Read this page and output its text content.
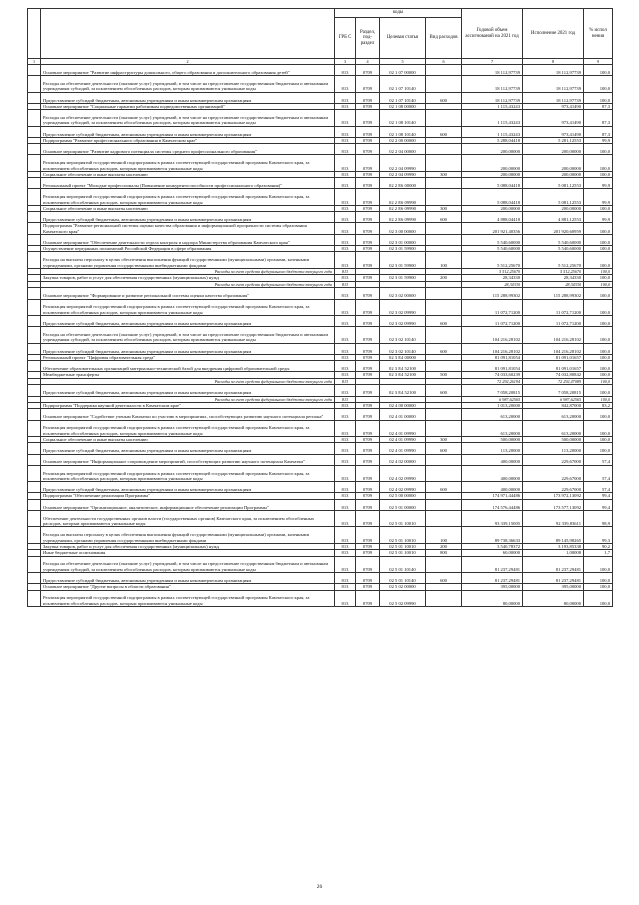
		коды				Годовой объем ассигнований на 2021 год	Исполнение 2021 год	% испол нения
		ГРБ С	Раздел, под-раздел	Целевая статья	Вид расходов			
1	2	3	4	5	6	7	8	9
	Основное мероприятие "Развитие инфраструктуры дошкольного, общего образования и дополнительного образования детей"	813	0709	02 1 07 00000		18 112,97739	18 112,97739	100,0
	Расходы на обеспечение деятельности (оказание услуг) учреждений, в том числе на предоставление государственным бюджетным и автономным учреждениям субсидий, за исключением обособленных расходов, которым присваиваются уникальные коды	813	0709	02 1 07 10140		18 112,97739	18 112,97739	100,0
	Предоставление субсидий бюджетным, автономным учреждениям и иным некоммерческим организациям	813	0709	02 1 07 10140	600	18 112,97739	18 112,97739	100,0
	Основное мероприятие "Социальные гарантии работникам подведомственных организаций"	813	0709	02 1 08 00000		1 115,43243	973,41490	87,3
	Расходы на обеспечение деятельности (оказание услуг) учреждений, в том числе на предоставление государственным бюджетным и автономным учреждениям субсидий, за исключением обособленных расходов, которым присваиваются уникальные коды	813	0709	02 1 08 10140		1 115,43243	973,41490	87,3
	Предоставление субсидий бюджетным, автономным учреждениям и иным некоммерческим организациям	813	0709	02 1 08 10140	600	1 115,43243	973,41490	87,3
	Подпрограмма "Развитие профессионального образования в Камчатском крае"	813	0709	02 2 00 00000		5 288,04418	5 281,12553	99,9
	Основное мероприятие "Развитие кадрового потенциала системы среднего профессионального образования"	813	0709	02 2 04 00000		200,00000	200,00000	100,0
	Реализация мероприятий государственной подпрограммы в рамках соответствующей государственной программы Камчатского края, за исключением обособленных расходов, которым присваиваются уникальные коды	813	0709	02 2 04 09990		200,00000	200,00000	100,0
	Социальное обеспечение и иные выплаты населению	813	0709	02 2 04 09990	300	200,00000	200,00000	100,0
	Региональный проект "Молодые профессионалы (Повышение конкурентоспособности профессионального образования)"	813	0709	02 2 E6 00000		5 088,04418	5 081,12553	99,9
	Реализация мероприятий государственной подпрограммы в рамках соответствующей государственной программы Камчатского края, за исключением обособленных расходов, которым присваиваются уникальные коды	813	0709	02 2 E6 09990		5 088,04418	5 081,12553	99,9
	Социальное обеспечение и иные выплаты населению	813	0709	02 2 E6 09990	300	200,00000	200,00000	100,0
	Предоставление субсидий бюджетным, автономным учреждениям и иным некоммерческим организациям	813	0709	02 2 E6 09990	600	4 888,04418	4 881,12553	99,9
	Подпрограмма "Развитие региональной системы оценки качества образования и информационной прозрачности системы образования Камчатского края"	813	0709	02 3 00 00000		201 921,40356	201 920,60959	100,0
	Основное мероприятие "Обеспечение деятельности отдела контроля и надзора Министерства образования Камчатского края"	813	0709	02 3 01 00000		5 540,60000	5 540,60000	100,0
	Осуществление переданных полномочий Российской Федерации в сфере образования	813	0709	02 3 01 59900		5 540,60000	5 540,60000	100,0
	Расходы на выплаты персоналу в целях обеспечения выполнения функций государственными (муниципальными) органами, казенными учреждениями, органами управления государственными внебюджетными фондами	813	0709	02 3 01 59900	100	5 512,25670	5 512,25670	100,0
	Расходы за счет средств федерального бюджета текущего года	813				5 512,25670	5 512,25670	100,0
	Закупка товаров, работ и услуг для обеспечения государственных (муниципальных) нужд	813	0709	02 3 01 59900	200	28,34330	28,34330	100,0
	Расходы за счет средств федерального бюджета текущего года	813				28,34330	28,34330	100,0
	Основное мероприятие "Формирование и развитие региональной системы оценки качества образования"	813	0709	02 3 02 00000		115 288,99302	115 288,99302	100,0
	Реализация мероприятий государственной подпрограммы в рамках соответствующей государственной программы Камчатского края, за исключением обособленных расходов, которым присваиваются уникальные коды	813	0709	02 3 02 09990		11 072,71200	11 072,71200	100,0
	Предоставление субсидий бюджетным, автономным учреждениям и иным некоммерческим организациям	813	0709	02 3 02 09990	600	11 072,71200	11 072,71200	100,0
	Расходы на обеспечение деятельности (оказание услуг) учреждений, в том числе на предоставление государственным бюджетным и автономным учреждениям субсидий, за исключением обособленных расходов, которым присваиваются уникальные коды	813	0709	02 3 02 10140		104 216,28102	104 216,28102	100,0
	Предоставление субсидий бюджетным, автономным учреждениям и иным некоммерческим организациям	813	0709	02 3 02 10140	600	104 216,28102	104 216,28102	100,0
	Региональный проект "Цифровая образовательная среда"	813	0709	02 3 E4 00000		81 091,81054	81 091,01657	100,0
	Обеспечение образовательных организаций материально-технической базой для внедрения цифровой образовательной среды	813	0709	02 3 E4 52100		81 091,81054	81 091,01657	100,0
	Межбюджетные трансферты	813	0709	02 3 E4 52100	500	74 033,60239	74 032,80842	100,0
	Расходы за счет средств федерального бюджета текущего года	813				72 292,26194	72 292,47089	100,0
	Предоставление субсидий бюджетным, автономным учреждениям и иным некоммерческим организациям	813	0709	02 3 E4 52100	600	7 058,20815	7 058,20815	100,0
	Расходы за счет средств федерального бюджета текущего года	813				6 987,62565	6 987,62565	100,0
	Подпрограмма "Поддержка научной деятельности в Камчатском крае"	813	0709	02 4 00 00000		1 013,20000	842,87000	83,2
	Основное мероприятие "Содействие ученым Камчатки по участию в мероприятиях, способствующих развитию научного потенциала региона"	813	0709	02 4 01 00000		613,20000	613,20000	100,0
	Реализация мероприятий государственной подпрограммы в рамках соответствующей государственной программы Камчатского края, за исключением обособленных расходов, которым присваиваются уникальные коды	813	0709	02 4 01 09990		613,20000	613,20000	100,0
	Социальное обеспечение и иные выплаты населению	813	0709	02 4 01 09990	300	500,00000	500,00000	100,0
	Предоставление субсидий бюджетным, автономным учреждениям и иным некоммерческим организациям	813	0709	02 4 01 09990	600	113,20000	113,20000	100,0
	Основное мероприятие "Информационное сопровождение мероприятий, способствующих развитию научного потенциала Камчатки"	813	0709	02 4 02 00000		400,00000	229,67000	57,4
	Реализация мероприятий государственной подпрограммы в рамках соответствующей государственной программы Камчатского края, за исключением обособленных расходов, которым присваиваются уникальные коды	813	0709	02 4 02 09990		400,00000	229,67000	57,4
	Предоставление субсидий бюджетным, автономным учреждениям и иным некоммерческим организациям	813	0709	02 4 02 09990	600	400,00000	229,67000	57,4
	Подпрограмма "Обеспечение реализации Программы"	813	0709	02 5 00 00000		174 971,44486	173 972,13092	99,4
	Основное мероприятие "Организационное, аналитическое, информационное обеспечение реализации Программы"	813	0709	02 5 01 00000		174 576,44486	173 577,13092	99,4
	Обеспечение деятельности государственных органов власти (государственных органов) Камчатского края, за исключением обособленных расходов, которым присваиваются уникальные коды	813	0709	02 5 01 10010		93 339,15005	92 339,83611	98,9
	Расходы на выплаты персоналу в целях обеспечения выполнения функций государственными (муниципальными) органами, казенными учреждениями, органами управления государственными внебюджетными фондами	813	0709	02 5 01 10010	100	89 738,36633	89 145,98265	99,3
	Закупка товаров, работ и услуг для обеспечения государственных (муниципальных) нужд	813	0709	02 5 01 10010	200	3 540,78372	3 193,85338	90,2
	Иные бюджетные ассигнования	813	0709	02 5 01 10010	800	60,00000	1,00008	1,7
	Расходы на обеспечение деятельности (оказание услуг) учреждений, в том числе на предоставление государственным бюджетным и автономным учреждениям субсидий, за исключением обособленных расходов, которым присваиваются уникальные коды	813	0709	02 5 01 10140		81 237,29481	81 237,29481	100,0
	Предоставление субсидий бюджетным, автономным учреждениям и иным некоммерческим организациям	813	0709	02 5 01 10140	600	81 237,29481	81 237,29481	100,0
	Основное мероприятие "Другие вопросы в области образования"	813	0709	02 5 02 00000		395,00000	395,00000	100,0
	Реализация мероприятий государственной подпрограммы в рамках соответствующей государственной программы Камчатского края, за исключением обособленных расходов, которым присваиваются уникальные коды	813	0709	02 5 02 09990		80,00000	80,00000	100,0
26
